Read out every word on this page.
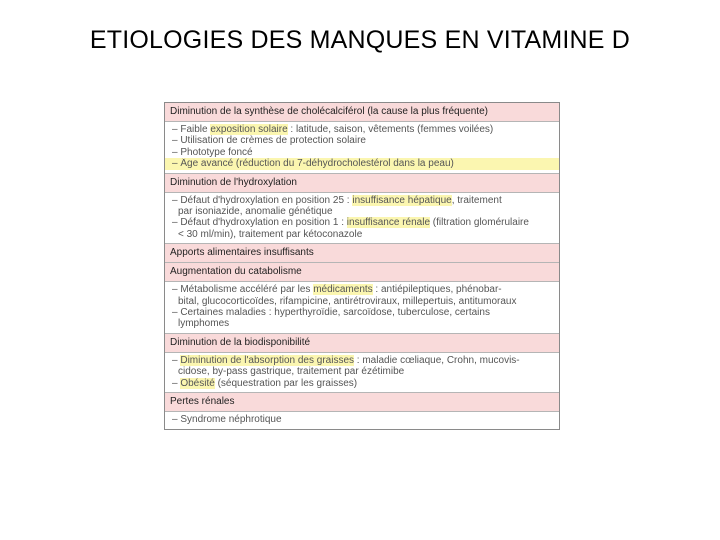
ETIOLOGIES DES MANQUES EN VITAMINE D
Diminution de la synthèse de cholécalciférol (la cause la plus fréquente)
– Faible exposition solaire : latitude, saison, vêtements (femmes voilées)
– Utilisation de crèmes de protection solaire
– Phototype foncé
– Âge avancé (réduction du 7-déhydrocholestérol dans la peau)
Diminution de l'hydroxylation
– Défaut d'hydroxylation en position 25 : insuffisance hépatique, traitement
par isoniazide, anomalie génétique
– Défaut d'hydroxylation en position 1 : insuffisance rénale (filtration glomérulaire
< 30 ml/min), traitement par kétoconazole
Apports alimentaires insuffisants
Augmentation du catabolisme
– Métabolisme accéléré par les médicaments : antiépileptiques, phénobar-
bital, glucocorticoïdes, rifampicine, antirétroviraux, millepertuis, antitumoraux
– Certaines maladies : hyperthyroïdie, sarcoïdose, tuberculose, certains
lymphomes
Diminution de la biodisponibilité
– Diminution de l'absorption des graisses : maladie cœliaque, Crohn, mucovis-
cidose, by-pass gastrique, traitement par ézétimibe
– Obésité (séquestration par les graisses)
Pertes rénales
– Syndrome néphrotique
